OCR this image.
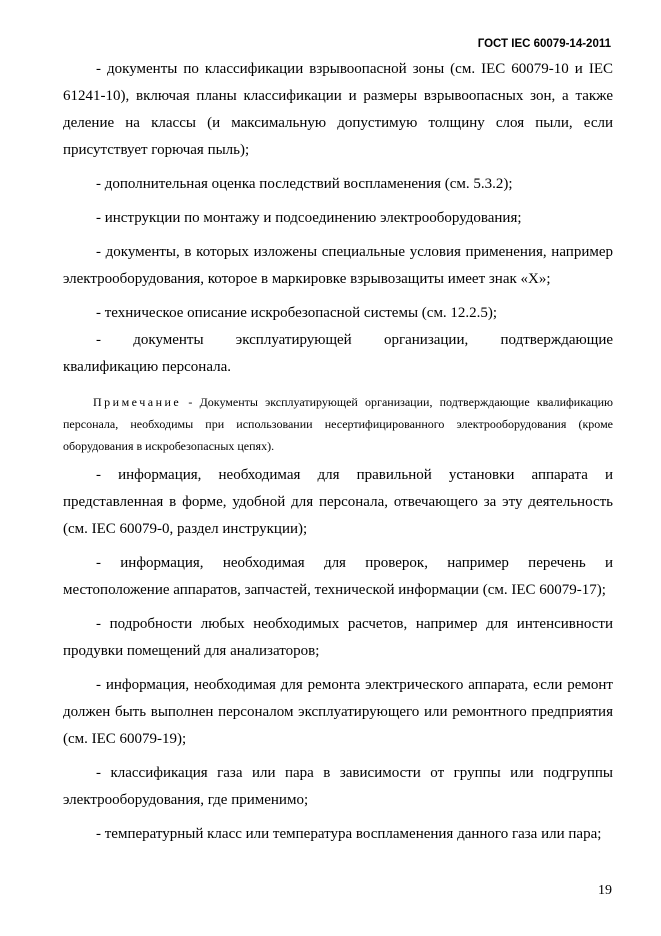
ГОСТ IEC 60079-14-2011

- документы по классификации взрывоопасной зоны (см. IEC 60079-10 и IEC 61241-10), включая планы классификации и размеры взрывоопасных зон, а также деление на классы (и максимальную допустимую толщину слоя пыли, если присутствует горючая пыль);

- дополнительная оценка последствий воспламенения (см. 5.3.2);

- инструкции по монтажу и подсоединению электрооборудования;

- документы, в которых изложены специальные условия применения, например электрооборудования, которое в маркировке взрывозащиты имеет знак «X»;

- техническое описание искробезопасной системы (см. 12.2.5);

- документы эксплуатирующей организации, подтверждающие

квалификацию персонала.

Примечание - Документы эксплуатирующей организации, подтверждающие квалификацию персонала, необходимы при использовании несертифицированного электрооборудования (кроме оборудования в искробезопасных цепях).

- информация, необходимая для правильной установки аппарата и представленная в форме, удобной для персонала, отвечающего за эту деятельность (см. IEC 60079-0, раздел инструкции);

- информация, необходимая для проверок, например перечень и местоположение аппаратов, запчастей, технической информации (см. IEC 60079-17);

- подробности любых необходимых расчетов, например для интенсивности продувки помещений для анализаторов;

- информация, необходимая для ремонта электрического аппарата, если ремонт должен быть выполнен персоналом эксплуатирующего или ремонтного предприятия (см. IEC 60079-19);

- классификация газа или пара в зависимости от группы или подгруппы электрооборудования, где применимо;

- температурный класс или температура воспламенения данного газа или пара;

19
